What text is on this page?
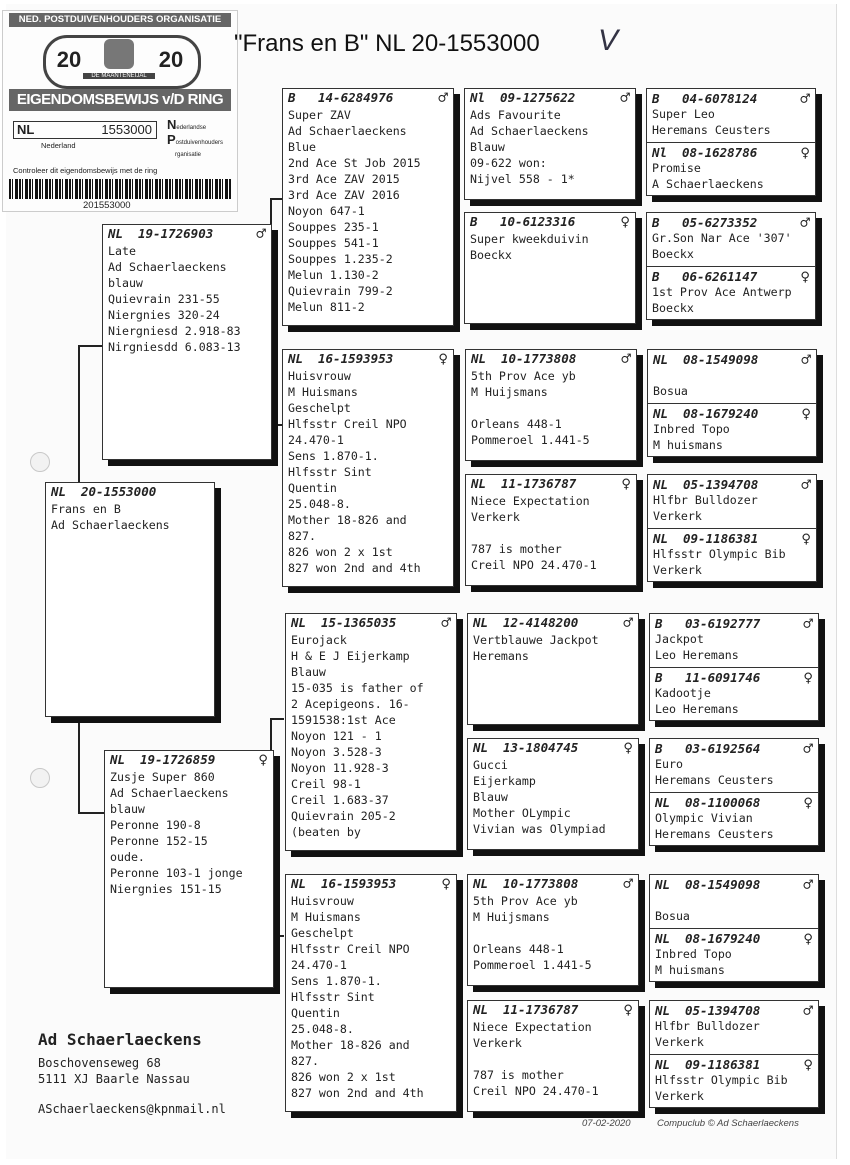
NED. POSTDUIVENHOUDERS ORGANISATIE
20	20
DE MAANTENEIJAL
EIGENDOMSBEWIJS v/D RING
NL	1553000
Nederland
Nederlandse
Postduivenhouders
rganisatie
Controleer dit eigendomsbewijs met de ring
201553000
"Frans en B" NL 20-1553000 V
NL	20-1553000
Frans en B
Ad Schaerlaeckens
NL	19-1726903	♂
Late
Ad Schaerlaeckens
blauw
Quievrain 231-55
Niergnies 320-24
Niergniesd 2.918-83
Nirgniesdd 6.083-13
NL	19-1726859	♀
Zusje Super 860
Ad Schaerlaeckens
blauw
Peronne 190-8
Peronne 152-15
oude.
Peronne 103-1 jonge
Niergnies 151-15
B	14-6284976	♂
Super ZAV
Ad Schaerlaeckens
Blue
2nd Ace St Job 2015
3rd Ace ZAV 2015
3rd Ace ZAV 2016
Noyon 647-1
Souppes 235-1
Souppes 541-1
Souppes 1.235-2
Melun 1.130-2
Quievrain 799-2
Melun 811-2
NL	16-1593953	♀
Huisvrouw
M Huismans
Geschelpt
Hlfsstr Creil NPO
24.470-1
Sens 1.870-1.
Hlfsstr Sint
Quentin
25.048-8.
Mother 18-826 and
827.
826 won 2 x 1st
827 won 2nd and 4th
NL	15-1365035	♂
Eurojack
H & E J Eijerkamp
Blauw
15-035 is father of
2 Acepigeons. 16-
1591538:1st Ace
Noyon 121 - 1
Noyon 3.528-3
Noyon 11.928-3
Creil 98-1
Creil 1.683-37
Quievrain 205-2
(beaten by
NL	16-1593953	♀
Huisvrouw
M Huismans
Geschelpt
Hlfsstr Creil NPO
24.470-1
Sens 1.870-1.
Hlfsstr Sint
Quentin
25.048-8.
Mother 18-826 and
827.
826 won 2 x 1st
827 won 2nd and 4th
Nl	09-1275622	♂
Ads Favourite
Ad Schaerlaeckens
Blauw
09-622 won:
Nijvel 558 - 1*
B	10-6123316	♀
Super kweekduivin
Boeckx
NL	10-1773808	♂
5th Prov Ace yb
M Huijsmans
Orleans 448-1
Pommeroel 1.441-5
NL	11-1736787	♀
Niece Expectation
Verkerk
787 is mother
Creil NPO 24.470-1
NL	12-4148200	♂
Vertblauwe Jackpot
Heremans
NL	13-1804745	♀
Gucci
Eijerkamp
Blauw
Mother OLympic
Vivian was Olympiad
NL	10-1773808	♂
5th Prov Ace yb
M Huijsmans
Orleans 448-1
Pommeroel 1.441-5
NL	11-1736787	♀
Niece Expectation
Verkerk
787 is mother
Creil NPO 24.470-1
B	04-6078124	♂
Super Leo
Heremans Ceusters
Nl	08-1628786	♀
Promise
A Schaerlaeckens
B	05-6273352	♂
Gr.Son Nar Ace '307'
Boeckx
B	06-6261147	♀
1st Prov Ace Antwerp
Boeckx
NL	08-1549098	♂
Bosua
NL	08-1679240	♀
Inbred Topo
M huismans
NL	05-1394708	♂
Hlfbr Bulldozer
Verkerk
NL	09-1186381	♀
Hlfsstr Olympic Bib
Verkerk
B	03-6192777	♂
Jackpot
Leo Heremans
B	11-6091746	♀
Kadootje
Leo Heremans
B	03-6192564	♂
Euro
Heremans Ceusters
NL	08-1100068	♀
Olympic Vivian
Heremans Ceusters
NL	08-1549098	♂
Bosua
NL	08-1679240	♀
Inbred Topo
M huismans
NL	05-1394708	♂
Hlfbr Bulldozer
Verkerk
NL	09-1186381	♀
Hlfsstr Olympic Bib
Verkerk
Ad Schaerlaeckens
Boschovenseweg 68
5111 XJ Baarle Nassau
ASchaerlaeckens@kpnmail.nl
07-02-2020	Compuclub © Ad Schaerlaeckens
